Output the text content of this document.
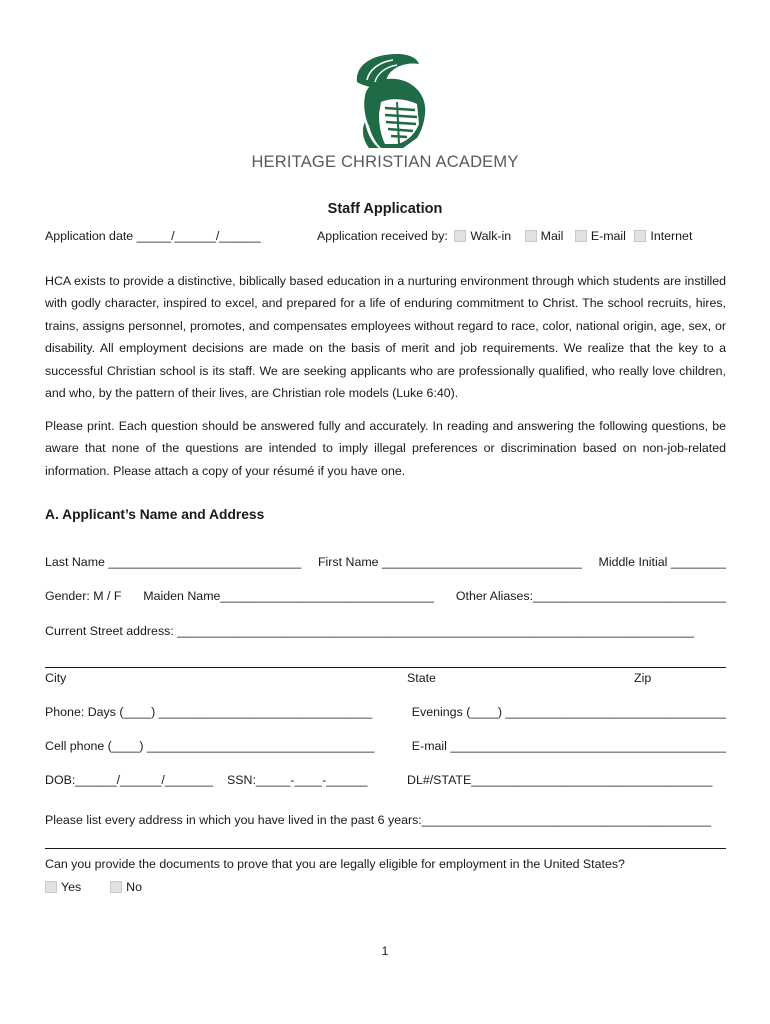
HERITAGE CHRISTIAN ACADEMY
Staff Application
Application date _____/______/______	Application received by: Walk-in Mail E-mail Internet
HCA exists to provide a distinctive, biblically based education in a nurturing environment through which students are instilled with godly character, inspired to excel, and prepared for a life of enduring commitment to Christ. The school recruits, hires, trains, assigns personnel, promotes, and compensates employees without regard to race, color, national origin, age, sex, or disability. All employment decisions are made on the basis of merit and job requirements. We realize that the key to a successful Christian school is its staff. We are seeking applicants who are professionally qualified, who really love children, and who, by the pattern of their lives, are Christian role models (Luke 6:40).
Please print. Each question should be answered fully and accurately. In reading and answering the following questions, be aware that none of the questions are intended to imply illegal preferences or discrimination based on non-job-related information. Please attach a copy of your résumé if you have one.
A. Applicant’s Name and Address
Last Name ____________________________ First Name _____________________________ Middle Initial ________
Gender: M / F Maiden Name_______________________________ Other Aliases:____________________________
Current Street address: ___________________________________________________________________________
City	State	Zip
Phone: Days (____) _______________________________	Evenings (____) ________________________________
Cell phone (____) _________________________________	E-mail ________________________________________
DOB:______/______/_______ SSN:_____-____-______	DL#/STATE___________________________________
Please list every address in which you have lived in the past 6 years:__________________________________________
Can you provide the documents to prove that you are legally eligible for employment in the United States?
Yes	No
1
